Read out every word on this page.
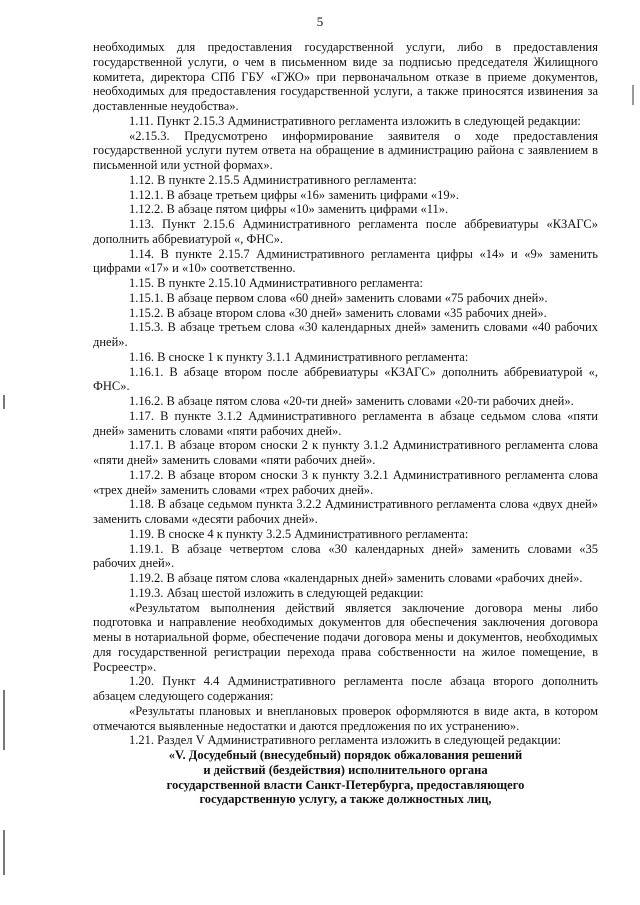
5

необходимых для предоставления государственной услуги, либо в предоставления государственной услуги, о чем в письменном виде за подписью председателя Жилищного комитета, директора СПб ГБУ «ГЖО» при первоначальном отказе в приеме документов, необходимых для предоставления государственной услуги, а также приносятся извинения за доставленные неудобства».

1.11. Пункт 2.15.3 Административного регламента изложить в следующей редакции:

«2.15.3. Предусмотрено информирование заявителя о ходе предоставления государственной услуги путем ответа на обращение в администрацию района с заявлением в письменной или устной формах».

1.12. В пункте 2.15.5 Административного регламента:

1.12.1. В абзаце третьем цифры «16» заменить цифрами «19».

1.12.2. В абзаце пятом цифры «10» заменить цифрами «11».

1.13. Пункт 2.15.6 Административного регламента после аббревиатуры «КЗАГС» дополнить аббревиатурой «, ФНС».

1.14. В пункте 2.15.7 Административного регламента цифры «14» и «9» заменить цифрами «17» и «10» соответственно.

1.15. В пункте 2.15.10 Административного регламента:

1.15.1. В абзаце первом слова «60 дней» заменить словами «75 рабочих дней».

1.15.2. В абзаце втором слова «30 дней» заменить словами «35 рабочих дней».

1.15.3. В абзаце третьем слова «30 календарных дней» заменить словами «40 рабочих дней».

1.16. В сноске 1 к пункту 3.1.1 Административного регламента:

1.16.1. В абзаце втором после аббревиатуры «КЗАГС» дополнить аббревиатурой «, ФНС».

1.16.2. В абзаце пятом слова «20-ти дней» заменить словами «20-ти рабочих дней».

1.17. В пункте 3.1.2 Административного регламента в абзаце седьмом слова «пяти дней» заменить словами «пяти рабочих дней».

1.17.1. В абзаце втором сноски 2 к пункту 3.1.2 Административного регламента слова «пяти дней» заменить словами «пяти рабочих дней».

1.17.2. В абзаце втором сноски 3 к пункту 3.2.1 Административного регламента слова «трех дней» заменить словами «трех рабочих дней».

1.18. В абзаце седьмом пункта 3.2.2 Административного регламента слова «двух дней» заменить словами «десяти рабочих дней».

1.19. В сноске 4 к пункту 3.2.5 Административного регламента:

1.19.1. В абзаце четвертом слова «30 календарных дней» заменить словами «35 рабочих дней».

1.19.2. В абзаце пятом слова «календарных дней» заменить словами «рабочих дней».

1.19.3. Абзац шестой изложить в следующей редакции:

«Результатом выполнения действий является заключение договора мены либо подготовка и направление необходимых документов для обеспечения заключения договора мены в нотариальной форме, обеспечение подачи договора мены и документов, необходимых для государственной регистрации перехода права собственности на жилое помещение, в Росреестр».

1.20. Пункт 4.4 Административного регламента после абзаца второго дополнить абзацем следующего содержания:

«Результаты плановых и внеплановых проверок оформляются в виде акта, в котором отмечаются выявленные недостатки и даются предложения по их устранению».

1.21. Раздел V Административного регламента изложить в следующей редакции:

«V. Досудебный (внесудебный) порядок обжалования решений

и действий (бездействия) исполнительного органа

государственной власти Санкт-Петербурга, предоставляющего

государственную услугу, а также должностных лиц,
